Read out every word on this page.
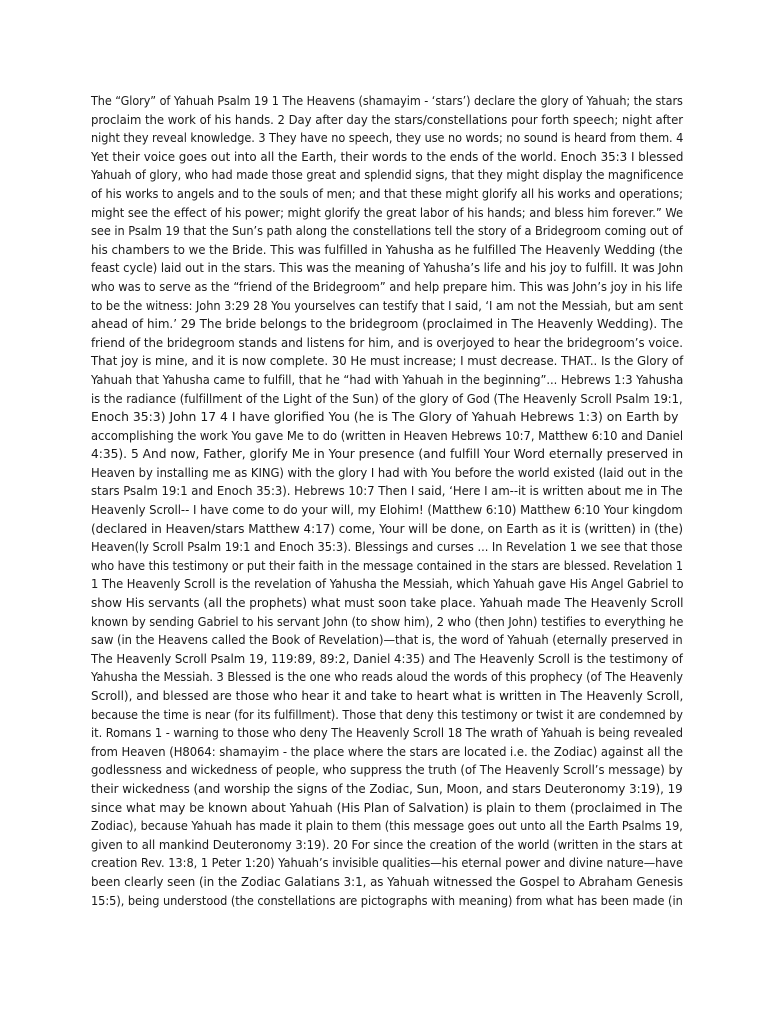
The “Glory” of Yahuah Psalm 19 1 The Heavens (shamayim - ‘stars’) declare the glory of Yahuah; the stars
proclaim the work of his hands. 2 Day after day the stars/constellations pour forth speech; night after
night they reveal knowledge. 3 They have no speech, they use no words; no sound is heard from them. 4
Yet their voice goes out into all the Earth, their words to the ends of the world. Enoch 35:3 I blessed
Yahuah of glory, who had made those great and splendid signs, that they might display the magnificence
of his works to angels and to the souls of men; and that these might glorify all his works and operations;
might see the effect of his power; might glorify the great labor of his hands; and bless him forever.” We
see in Psalm 19 that the Sun’s path along the constellations tell the story of a Bridegroom coming out of
his chambers to we the Bride. This was fulfilled in Yahusha as he fulfilled The Heavenly Wedding (the
feast cycle) laid out in the stars. This was the meaning of Yahusha’s life and his joy to fulfill. It was John
who was to serve as the “friend of the Bridegroom” and help prepare him. This was John’s joy in his life
to be the witness: John 3:29 28 You yourselves can testify that I said, ‘I am not the Messiah, but am sent
ahead of him.’ 29 The bride belongs to the bridegroom (proclaimed in The Heavenly Wedding). The
friend of the bridegroom stands and listens for him, and is overjoyed to hear the bridegroom’s voice.
That joy is mine, and it is now complete. 30 He must increase; I must decrease. THAT.. Is the Glory of
Yahuah that Yahusha came to fulfill, that he “had with Yahuah in the beginning”... Hebrews 1:3 Yahusha
is the radiance (fulfillment of the Light of the Sun) of the glory of God (The Heavenly Scroll Psalm 19:1,
Enoch 35:3) John 17 4 I have glorified You (he is The Glory of Yahuah Hebrews 1:3) on Earth by
accomplishing the work You gave Me to do (written in Heaven Hebrews 10:7, Matthew 6:10 and Daniel
4:35). 5 And now, Father, glorify Me in Your presence (and fulfill Your Word eternally preserved in
Heaven by installing me as KING) with the glory I had with You before the world existed (laid out in the
stars Psalm 19:1 and Enoch 35:3). Hebrews 10:7 Then I said, ‘Here I am--it is written about me in The
Heavenly Scroll-- I have come to do your will, my Elohim! (Matthew 6:10) Matthew 6:10 Your kingdom
(declared in Heaven/stars Matthew 4:17) come, Your will be done, on Earth as it is (written) in (the)
Heaven(ly Scroll Psalm 19:1 and Enoch 35:3). Blessings and curses ... In Revelation 1 we see that those
who have this testimony or put their faith in the message contained in the stars are blessed. Revelation 1
1 The Heavenly Scroll is the revelation of Yahusha the Messiah, which Yahuah gave His Angel Gabriel to
show His servants (all the prophets) what must soon take place. Yahuah made The Heavenly Scroll
known by sending Gabriel to his servant John (to show him), 2 who (then John) testifies to everything he
saw (in the Heavens called the Book of Revelation)—that is, the word of Yahuah (eternally preserved in
The Heavenly Scroll Psalm 19, 119:89, 89:2, Daniel 4:35) and The Heavenly Scroll is the testimony of
Yahusha the Messiah. 3 Blessed is the one who reads aloud the words of this prophecy (of The Heavenly
Scroll), and blessed are those who hear it and take to heart what is written in The Heavenly Scroll,
because the time is near (for its fulfillment). Those that deny this testimony or twist it are condemned by
it. Romans 1 - warning to those who deny The Heavenly Scroll 18 The wrath of Yahuah is being revealed
from Heaven (H8064: shamayim - the place where the stars are located i.e. the Zodiac) against all the
godlessness and wickedness of people, who suppress the truth (of The Heavenly Scroll’s message) by
their wickedness (and worship the signs of the Zodiac, Sun, Moon, and stars Deuteronomy 3:19), 19
since what may be known about Yahuah (His Plan of Salvation) is plain to them (proclaimed in The
Zodiac), because Yahuah has made it plain to them (this message goes out unto all the Earth Psalms 19,
given to all mankind Deuteronomy 3:19). 20 For since the creation of the world (written in the stars at
creation Rev. 13:8, 1 Peter 1:20) Yahuah’s invisible qualities—his eternal power and divine nature—have
been clearly seen (in the Zodiac Galatians 3:1, as Yahuah witnessed the Gospel to Abraham Genesis
15:5), being understood (the constellations are pictographs with meaning) from what has been made (in
